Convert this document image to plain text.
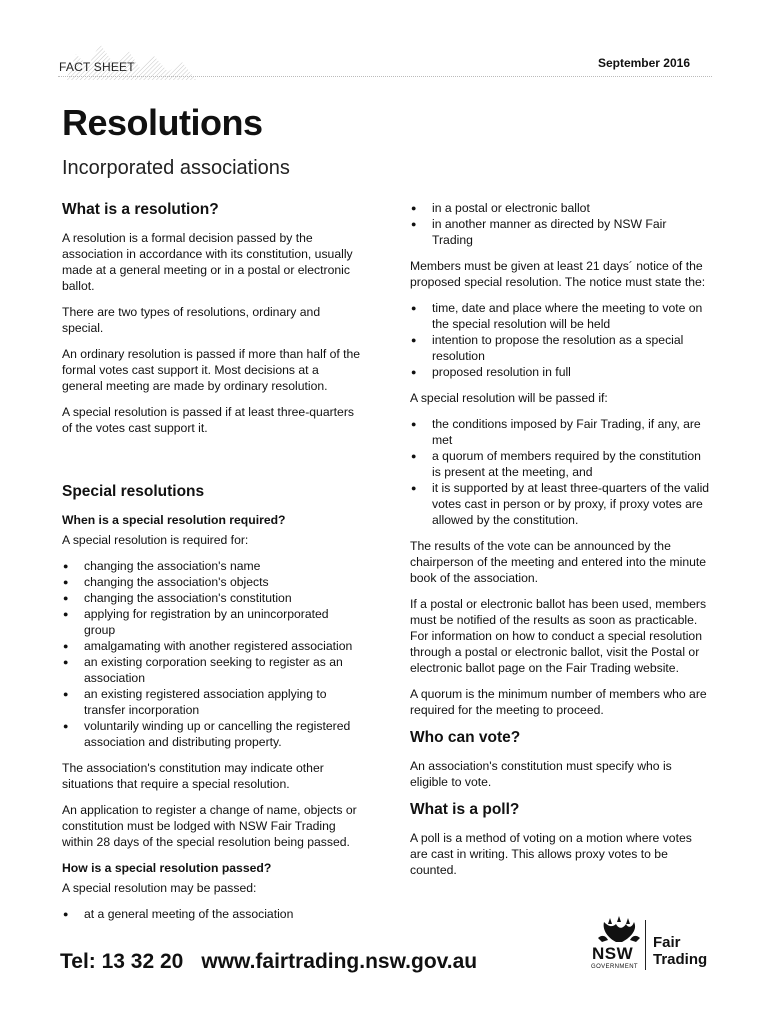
FACT SHEET	September 2016
Resolutions
Incorporated associations
What is a resolution?

A resolution is a formal decision passed by the association in accordance with its constitution, usually made at a general meeting or in a postal or electronic ballot.

There are two types of resolutions, ordinary and special.

An ordinary resolution is passed if more than half of the formal votes cast support it. Most decisions at a general meeting are made by ordinary resolution.

A special resolution is passed if at least three-quarters of the votes cast support it.

Special resolutions
When is a special resolution required?

A special resolution is required for:

● changing the association's name
● changing the association's objects
● changing the association's constitution
● applying for registration by an unincorporated group
● amalgamating with another registered association
● an existing corporation seeking to register as an association
● an existing registered association applying to transfer incorporation
● voluntarily winding up or cancelling the registered association and distributing property.

The association's constitution may indicate other situations that require a special resolution.

An application to register a change of name, objects or constitution must be lodged with NSW Fair Trading within 28 days of the special resolution being passed.

How is a special resolution passed?

A special resolution may be passed:

● at a general meeting of the association
● in a postal or electronic ballot
● in another manner as directed by NSW Fair Trading

Members must be given at least 21 days´ notice of the proposed special resolution. The notice must state the:

● time, date and place where the meeting to vote on the special resolution will be held
● intention to propose the resolution as a special resolution
● proposed resolution in full

A special resolution will be passed if:

● the conditions imposed by Fair Trading, if any, are met
● a quorum of members required by the constitution is present at the meeting, and
● it is supported by at least three-quarters of the valid votes cast in person or by proxy, if proxy votes are allowed by the constitution.

The results of the vote can be announced by the chairperson of the meeting and entered into the minute book of the association.

If a postal or electronic ballot has been used, members must be notified of the results as soon as practicable. For information on how to conduct a special resolution through a postal or electronic ballot, visit the Postal or electronic ballot page on the Fair Trading website.

A quorum is the minimum number of members who are required for the meeting to proceed.

Who can vote?

An association's constitution must specify who is eligible to vote.

What is a poll?

A poll is a method of voting on a motion where votes are cast in writing. This allows proxy votes to be counted.

Tel: 13 32 20 www.fairtrading.nsw.gov.au	NSW
GOVERNMENT
Fair
Trading
